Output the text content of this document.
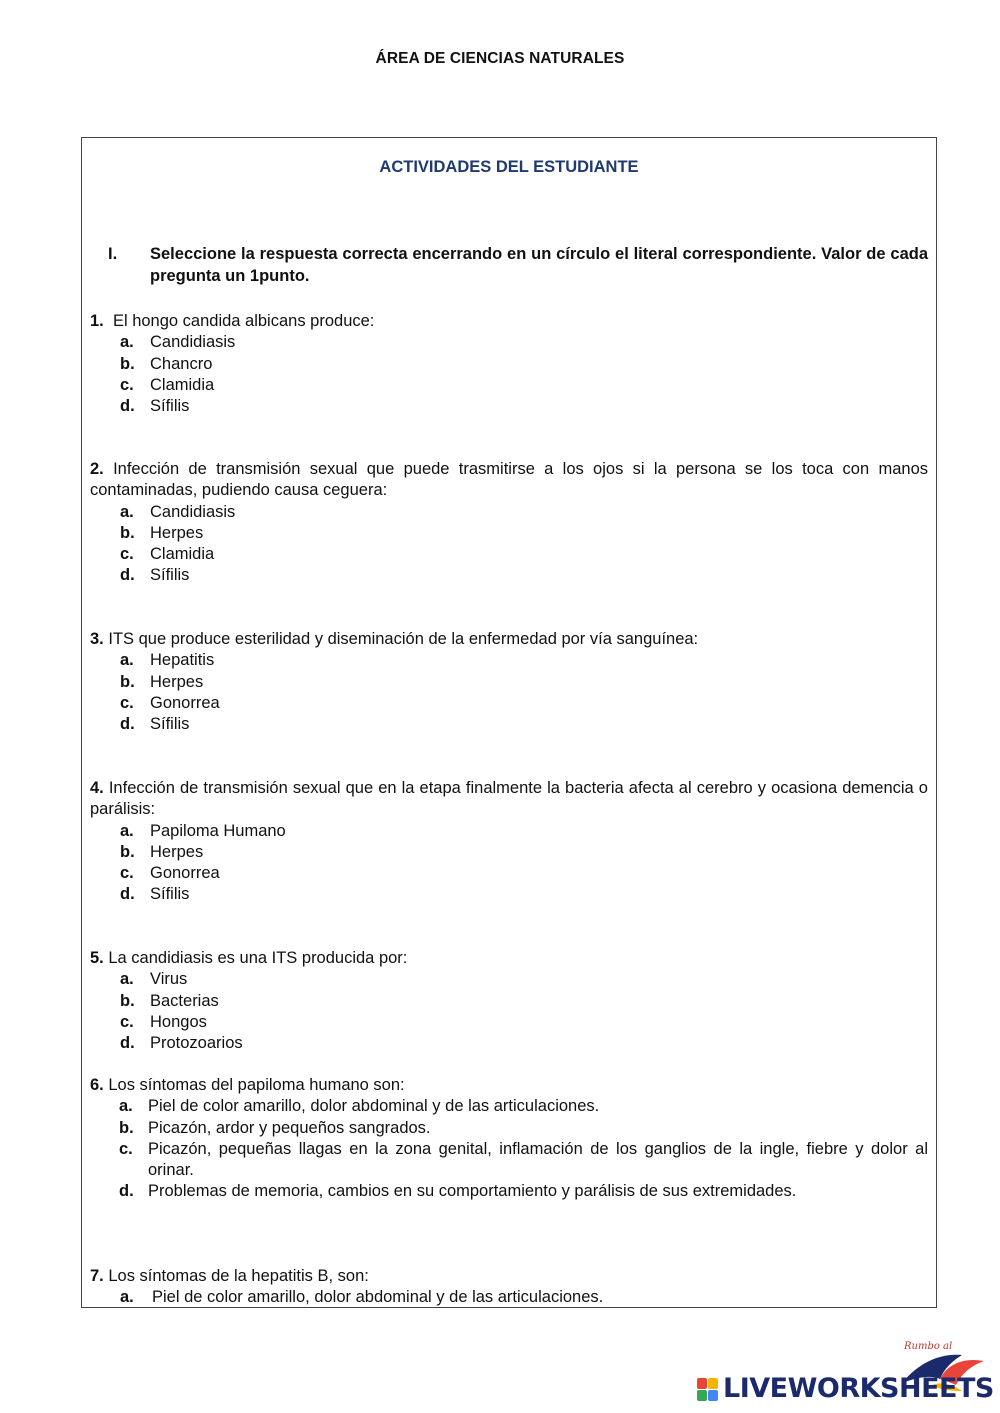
ÁREA DE CIENCIAS NATURALES
ACTIVIDADES DEL ESTUDIANTE
I. Seleccione la respuesta correcta encerrando en un círculo el literal correspondiente. Valor de cada pregunta un 1punto.
1. El hongo candida albicans produce:
a. Candidiasis
b. Chancro
c. Clamidia
d. Sífilis
2. Infección de transmisión sexual que puede trasmitirse a los ojos si la persona se los toca con manos contaminadas, pudiendo causa ceguera:
a. Candidiasis
b. Herpes
c. Clamidia
d. Sífilis
3. ITS que produce esterilidad y diseminación de la enfermedad por vía sanguínea:
a. Hepatitis
b. Herpes
c. Gonorrea
d. Sífilis
4. Infección de transmisión sexual que en la etapa finalmente la bacteria afecta al cerebro y ocasiona demencia o parálisis:
a. Papiloma Humano
b. Herpes
c. Gonorrea
d. Sífilis
5. La candidiasis es una ITS producida por:
a. Virus
b. Bacterias
c. Hongos
d. Protozoarios
6. Los síntomas del papiloma humano son:
a. Piel de color amarillo, dolor abdominal y de las articulaciones.
b. Picazón, ardor y pequeños sangrados.
c. Picazón, pequeñas llagas en la zona genital, inflamación de los ganglios de la ingle, fiebre y dolor al orinar.
d. Problemas de memoria, cambios en su comportamiento y parálisis de sus extremidades.
7. Los síntomas de la hepatitis B, son:
a. Piel de color amarillo, dolor abdominal y de las articulaciones.
Rumbo al
LIVEWORKSHEETS
